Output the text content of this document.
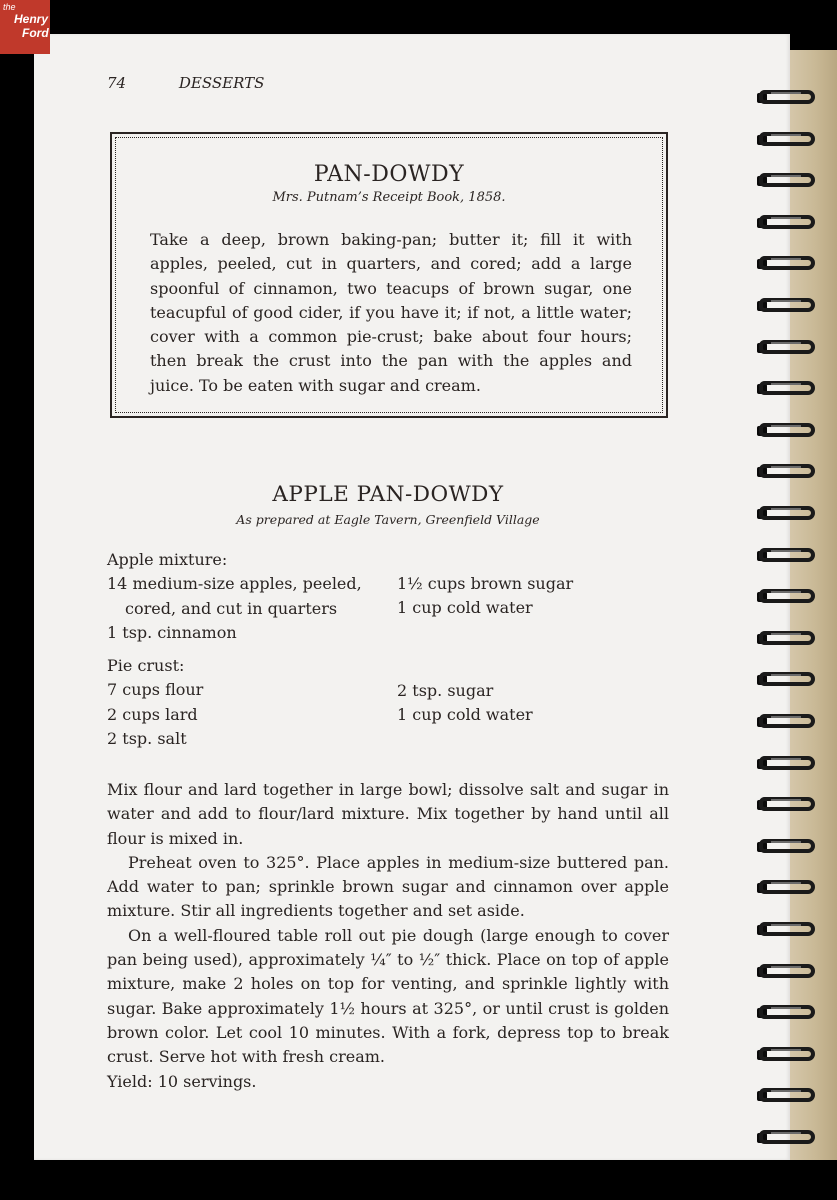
the
Henry
Ford
74	DESSERTS
PAN-DOWDY
Mrs. Putnam’s Receipt Book, 1858.

Take a deep, brown baking-pan; butter it; fill it with apples, peeled, cut in quarters, and cored; add a large spoonful of cinnamon, two teacups of brown sugar, one teacupful of good cider, if you have it; if not, a little water; cover with a common pie-crust; bake about four hours; then break the crust into the pan with the apples and juice. To be eaten with sugar and cream.

APPLE PAN-DOWDY
As prepared at Eagle Tavern, Greenfield Village
Apple mixture:
14 medium-size apples, peeled,
cored, and cut in quarters
1 tsp. cinnamon
1½ cups brown sugar
1 cup cold water
Pie crust:
7 cups flour
2 cups lard
2 tsp. salt
2 tsp. sugar
1 cup cold water

Mix flour and lard together in large bowl; dissolve salt and sugar in water and add to flour/lard mixture. Mix together by hand until all flour is mixed in.

Preheat oven to 325°. Place apples in medium-size buttered pan. Add water to pan; sprinkle brown sugar and cinnamon over apple mixture. Stir all ingredients together and set aside.

On a well-floured table roll out pie dough (large enough to cover pan being used), approximately ¼″ to ½″ thick. Place on top of apple mixture, make 2 holes on top for venting, and sprinkle lightly with sugar. Bake approximately 1½ hours at 325°, or until crust is golden brown color. Let cool 10 minutes. With a fork, depress top to break crust. Serve hot with fresh cream.

Yield: 10 servings.
